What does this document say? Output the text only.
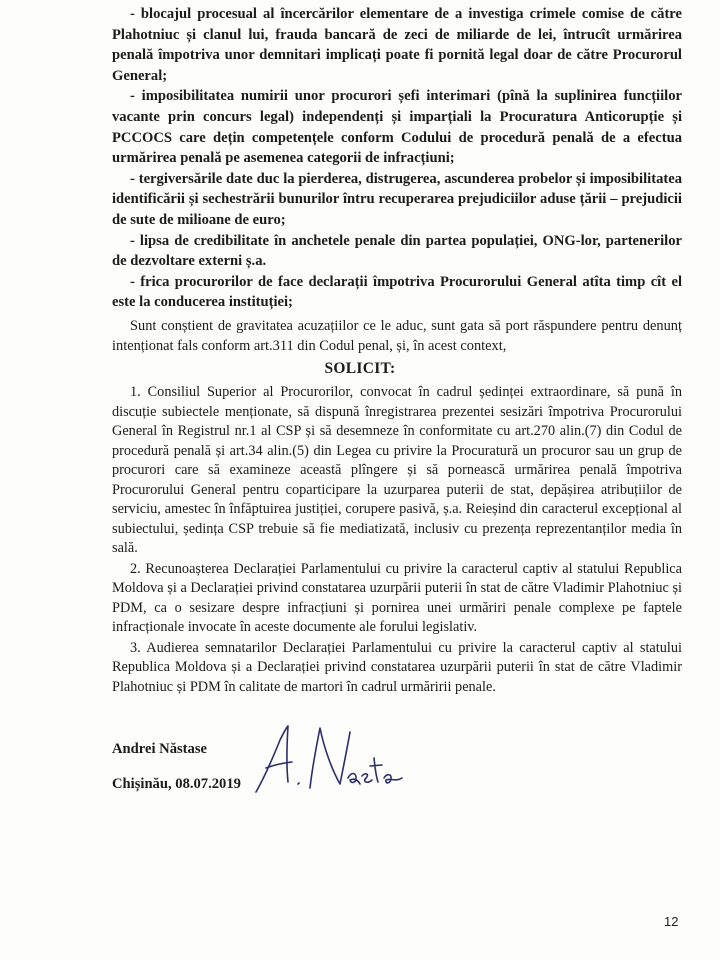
- blocajul procesual al încercărilor elementare de a investiga crimele comise de către Plahotniuc și clanul lui, frauda bancară de zeci de miliarde de lei, întrucît urmărirea penală împotriva unor demnitari implicați poate fi pornită legal doar de către Procurorul General;

- imposibilitatea numirii unor procurori șefi interimari (pînă la suplinirea funcțiilor vacante prin concurs legal) independenți și imparțiali la Procuratura Anticorupție și PCCOCS care dețin competențele conform Codului de procedură penală de a efectua urmărirea penală pe asemenea categorii de infracțiuni;

- tergiversările date duc la pierderea, distrugerea, ascunderea probelor și imposibilitatea identificării și sechestrării bunurilor întru recuperarea prejudiciilor aduse țării – prejudicii de sute de milioane de euro;

- lipsa de credibilitate în anchetele penale din partea populației, ONG-lor, partenerilor de dezvoltare externi ș.a.

- frica procurorilor de face declarații împotriva Procurorului General atîta timp cît el este la conducerea instituției;

Sunt conștient de gravitatea acuzațiilor ce le aduc, sunt gata să port răspundere pentru denunț intenționat fals conform art.311 din Codul penal, și, în acest context,

SOLICIT:

1. Consiliul Superior al Procurorilor, convocat în cadrul ședinței extraordinare, să pună în discuție subiectele menționate, să dispună înregistrarea prezentei sesizări împotriva Procurorului General în Registrul nr.1 al CSP și să desemneze în conformitate cu art.270 alin.(7) din Codul de procedură penală și art.34 alin.(5) din Legea cu privire la Procuratură un procuror sau un grup de procurori care să examineze această plîngere și să pornească urmărirea penală împotriva Procurorului General pentru coparticipare la uzurparea puterii de stat, depășirea atribuțiilor de serviciu, amestec în înfăptuirea justiției, corupere pasivă, ș.a. Reieșind din caracterul excepțional al subiectului, ședința CSP trebuie să fie mediatizată, inclusiv cu prezența reprezentanților media în sală.

2. Recunoașterea Declarației Parlamentului cu privire la caracterul captiv al statului Republica Moldova și a Declarației privind constatarea uzurpării puterii în stat de către Vladimir Plahotniuc și PDM, ca o sesizare despre infracțiuni și pornirea unei urmăriri penale complexe pe faptele infracționale invocate în aceste documente ale forului legislativ.

3. Audierea semnatarilor Declarației Parlamentului cu privire la caracterul captiv al statului Republica Moldova și a Declarației privind constatarea uzurpării puterii în stat de către Vladimir Plahotniuc și PDM în calitate de martori în cadrul urmăririi penale.

Andrei Năstase
Chișinău, 08.07.2019
12
